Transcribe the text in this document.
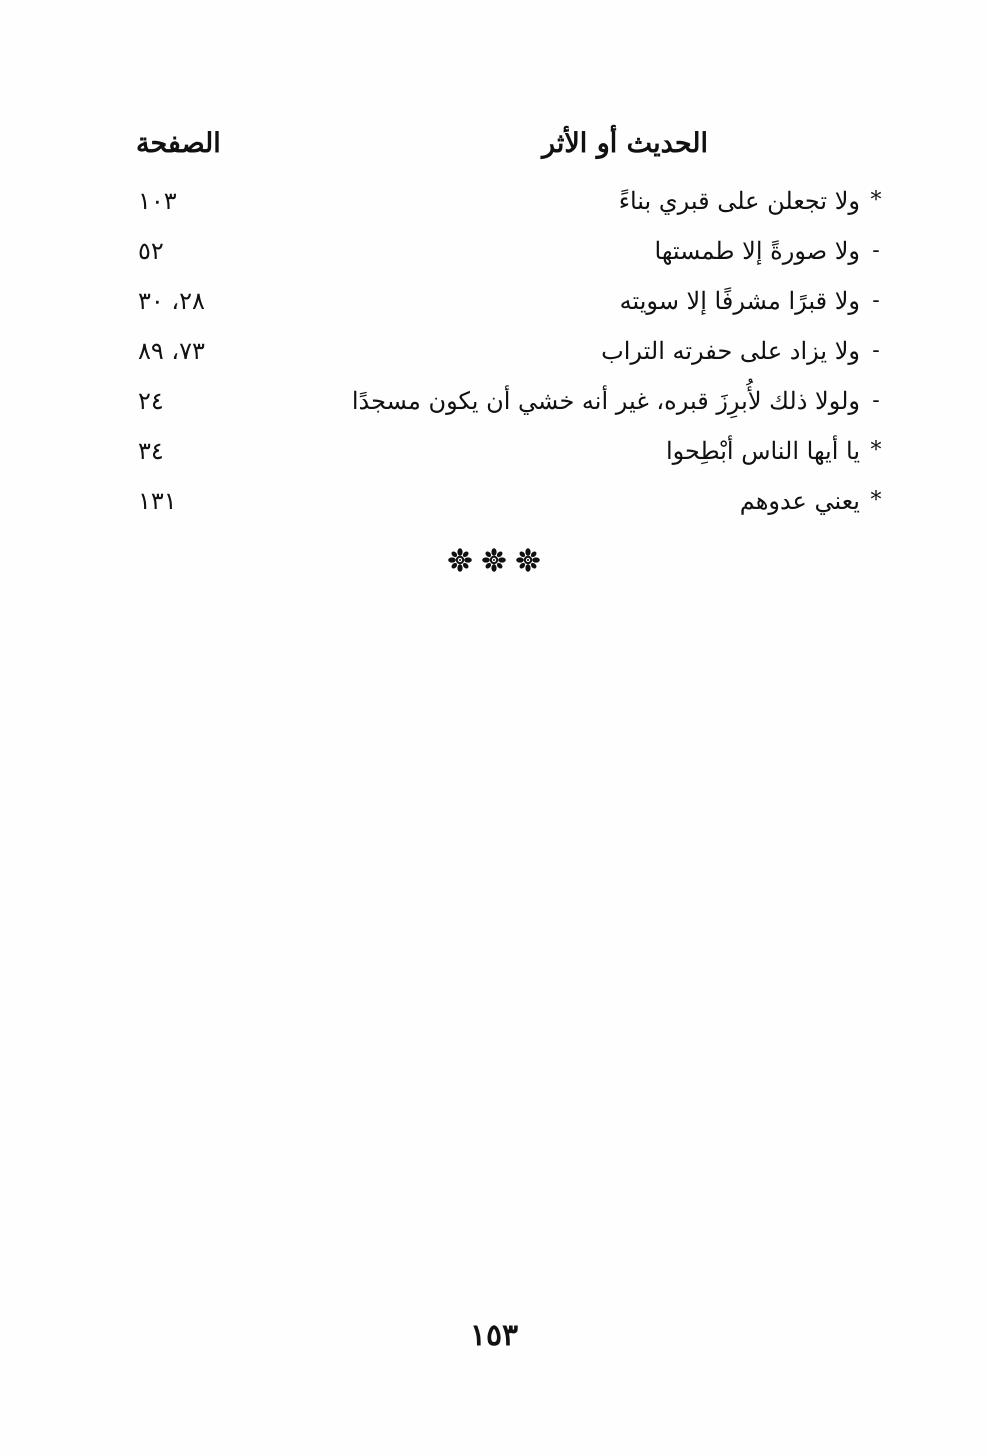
الحديث أو الأثر
الصفحة
*
ولا تجعلن على قبري بناءً
١٠٣
-
ولا صورةً إلا طمستها
٥٢
-
ولا قبرًا مشرفًا إلا سويته
٢٨، ٣٠
-
ولا يزاد على حفرته التراب
٧٣، ٨٩
-
ولولا ذلك لأُبرِزَ قبره، غير أنه خشي أن يكون مسجدًا
٢٤
*
يا أيها الناس أبْطِحوا
٣٤
*
يعني عدوهم
١٣١
١٥٣
